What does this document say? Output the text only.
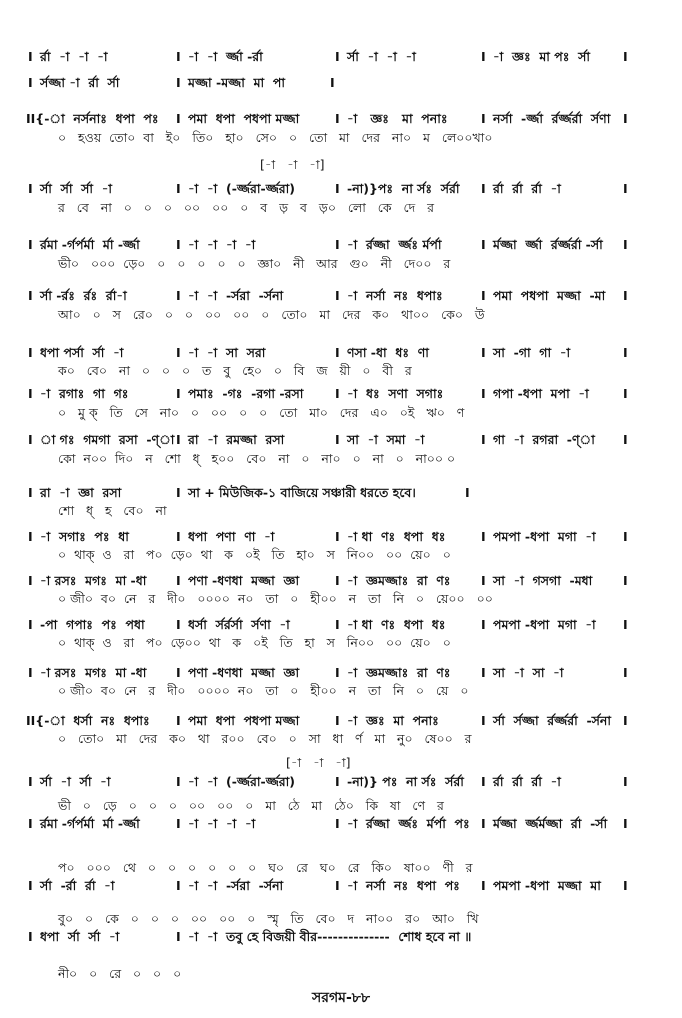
I র্রা  -া  -া  -া	I -া  -া  র্জ্জা -র্রা	I র্সা  -া  -া  -া	I -া  জ্ঞঃ  মা পঃ  র্সা	I
I র্সজ্জা -া  র্রা  র্সা	I মজ্জা -মজ্জা  মা  পা	I
II{-া  নর্সনাঃ  ধপা  পঃ I পমা  ধপা  পধপা মজ্জা	I -া   জ্ঞঃ   মা  পনাঃ	I নর্সা  -র্জ্জা  র্রর্জ্জর্রা  র্সণা I
০   হওয়  তো০  বা   ই০   তি০   হা০   সে০   ০   তো   মা   দের   না০   ম   লে০০খা০
[-া   -া   -া]
I র্সা  র্সা  র্সা  -া	I -া  -া  (-র্জ্জরা-র্জ্জরা)	I -না)}পঃ  না র্সঃ  র্সর্রা I র্রা  র্রা  র্রা  -া	I
র   বে   না   ০   ০   ০   ০০   ০০   ০   ব   ড়   ব   ড়০   লো   কে   দে   র
I র্রমা -র্গর্পর্মা  র্মা -র্জ্জা	I -া  -া  -া  -া	I -া  র্রজ্জা  র্জ্জঃ র্মর্পা	I র্মজ্জা  র্জ্জা  র্রর্জ্জর্রা -র্সা I
ভী০   ০০০  ড়ে০   ০   ০   ০   ০   ০   জ্ঞা০   নী   আর   গু০   নী   দে০০   র
I র্সা -র্রঃ  র্রঃ  র্রা-া	I -া  -া  -র্সরা  -র্সনা	I -া  নর্সা  নঃ  ধপাঃ	I পমা  পধপা  মজ্জা  -মা I
আ০   ০   স   রে০   ০   ০   ০০   ০০   ০   তো০   মা   দের   ক০   থা০০   কে০   উ
I ধপা পর্সা  র্সা  -া	I -া  -া  সা  সরা	I ণসা -ধা  ধঃ  ণা	I সা  -গা  গা  -া	I
ক০   বে০   না   ০   ০   ০   ত   বু   হে০   ০   বি   জ   য়ী   ০   বী   র
I -া  রগাঃ  গা  গঃ	I পমাঃ  -গঃ  -রগা -রসা	I -া  ধঃ  সণা  সগাঃ	I গপা -ধপা  মপা  -া	I
০   মু ক্   তি   সে   না০   ০   ০০   ০   ০   তো   মা০   দের   এ০   ০ই   ঋ০   ণ
I া গঃ  গমগা  রসা  -ণ্া I রা  -া  রমজ্জা  রসা	I সা  -া  সমা  -া	I গা  -া  রগরা  -ণ্া I
কো  ন০০  দি০   ন   শো   ধ্   হ০০   বে০   না   ০   না০   ০   না   ০   না০০ ০
I রা  -া  জ্ঞা  রসা	I সা + মিউজিক-১ বাজিয়ে সঞ্চারী ধরতে হবে।	I
শো   ধ্   হ   বে০   না
I -া  সগাঃ  পঃ  ধা	I ধপা  পণা  ণা  -া	I -া ধা  ণঃ  ধপা  ধঃ	I পমপা -ধপা  মগা  -া I
০  থাক্  ও   রা   প০  ড়ে০  থা   ক   ০ই   তি   হা০   স   নি০০   ০০  য়ে০   ০
I -া রসঃ  মগঃ  মা -ধা I পণা -ধণধা  মজ্জা  জ্ঞা	I -া  জ্ঞমজ্জাঃ  রা  ণঃ I সা  -া  গসগা  -মধা I
০ জী০  ব০  নে   র   দী০   ০০০০  ন০   তা   ০   হী০০   ন   তা   নি   ০   য়ে০০   ০০
I -পা  গপাঃ  পঃ  পধা	I ধর্সা  র্সর্রর্সা  র্সণা  -া	I -া ধা  ণঃ  ধপা  ধঃ	I পমপা -ধপা  মগা  -া I
০  থাক্  ও   রা   প০  ড়ে০০  থা   ক   ০ই   তি   হা   স   নি০০   ০০  য়ে০   ০
I -া রসঃ  মগঃ  মা -ধা I পণা -ধণধা  মজ্জা  জ্ঞা	I -া  জ্ঞমজ্জাঃ  রা  ণঃ I সা  -া  সা  -া	I
০ জী০  ব০  নে   র   দী০   ০০০০  ন০   তা   ০   হী০০   ন   তা   নি   ০   য়ে   ০
II{-া  ধর্সা  নঃ  ধপাঃ I পমা  ধপা  পধপা মজ্জা	I -া  জ্ঞঃ  মা  পনাঃ	I র্সা  র্সজ্জা  র্রর্জ্জর্রা  -র্সনা I
০   তো০   মা   দের   ক০   থা   র০০   বে০   ০   সা   ধা   র্ণ   মা   নু০   ষে০০   র
[-া   -া   -া]
I র্সা  -া  র্সা  -া	I -া  -া  (-র্জ্জরা-র্জ্জরা)	I -না)} পঃ  না র্সঃ  র্সর্রা I র্রা  র্রা  র্রা  -া	I
ভী   ০   ড়ে   ০   ০   ০   ০০   ০০   ০   মা   ঠে   মা   ঠে০   কি   ষা   ণে   র
I র্রমা -র্গর্পর্মা  র্মা -র্জ্জা	I -া  -া  -া  -া	I -া  র্রজ্জা  র্জ্জঃ  র্মর্পা  পঃ I র্মজ্জা  র্জ্জর্মজ্জা  র্রা  -র্সা I
প০   ০০০   থে   ০   ০   ০   ০   ০   ০   ঘ০   রে   ঘ০   রে   কি০   ষা০০   ণী   র
I র্সা  -র্রা  র্রা  -া	I -া  -া  -র্সরা  -র্সনা	I -া  নর্সা  নঃ  ধপা  পঃ I পমপা -ধপা  মজ্জা  মা I
বু০   ০   কে   ০   ০   ০   ০০   ০০   ০   স্মৃ   তি   বে০   দ   না০০   র০   আ০   খি
I ধপা  র্সা  র্সা  -া	I -া  -া  তবু হে বিজয়ী বীর--------------  শোধ হবে না ॥
নী০   ০   রে   ০   ০   ০
সরগম-৮৮
